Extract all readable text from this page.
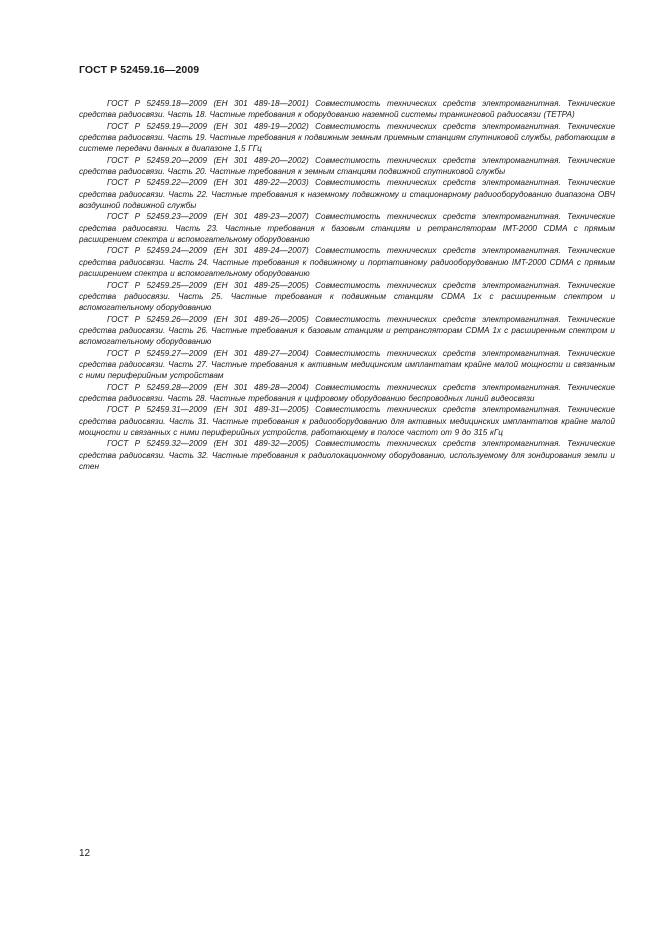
ГОСТ Р 52459.16—2009

ГОСТ Р 52459.18—2009 (ЕН 301 489-18—2001) Совместимость технических средств электромагнитная. Технические средства радиосвязи. Часть 18. Частные требования к оборудованию наземной системы транкинговой радиосвязи (ТЕТРА)

ГОСТ Р 52459.19—2009 (ЕН 301 489-19—2002) Совместимость технических средств электромагнитная. Технические средства радиосвязи. Часть 19. Частные требования к подвижным земным приемным станциям спутниковой службы, работающим в системе передачи данных в диапазоне 1,5 ГГц

ГОСТ Р 52459.20—2009 (ЕН 301 489-20—2002) Совместимость технических средств электромагнитная. Технические средства радиосвязи. Часть 20. Частные требования к земным станциям подвижной спутниковой службы

ГОСТ Р 52459.22—2009 (ЕН 301 489-22—2003) Совместимость технических средств электромагнитная. Технические средства радиосвязи. Часть 22. Частные требования к наземному подвижному и стационарному радиооборудованию диапазона ОВЧ воздушной подвижной службы

ГОСТ Р 52459.23—2009 (ЕН 301 489-23—2007) Совместимость технических средств электромагнитная. Технические средства радиосвязи. Часть 23. Частные требования к базовым станциям и ретрансляторам IMT-2000 CDMA с прямым расширением спектра и вспомогательному оборудованию

ГОСТ Р 52459.24—2009 (ЕН 301 489-24—2007) Совместимость технических средств электромагнитная. Технические средства радиосвязи. Часть 24. Частные требования к подвижному и портативному радиооборудованию IMT-2000 CDMA с прямым расширением спектра и вспомогательному оборудованию

ГОСТ Р 52459.25—2009 (ЕН 301 489-25—2005) Совместимость технических средств электромагнитная. Технические средства радиосвязи. Часть 25. Частные требования к подвижным станциям CDMA 1x с расширенным спектром и вспомогательному оборудованию

ГОСТ Р 52459.26—2009 (ЕН 301 489-26—2005) Совместимость технических средств электромагнитная. Технические средства радиосвязи. Часть 26. Частные требования к базовым станциям и ретрансляторам CDMA 1x с расширенным спектром и вспомогательному оборудованию

ГОСТ Р 52459.27—2009 (ЕН 301 489-27—2004) Совместимость технических средств электромагнитная. Технические средства радиосвязи. Часть 27. Частные требования к активным медицинским имплантатам крайне малой мощности и связанным с ними периферийным устройствам

ГОСТ Р 52459.28—2009 (ЕН 301 489-28—2004) Совместимость технических средств электромагнитная. Технические средства радиосвязи. Часть 28. Частные требования к цифровому оборудованию беспроводных линий видеосвязи

ГОСТ Р 52459.31—2009 (ЕН 301 489-31—2005) Совместимость технических средств электромагнитная. Технические средства радиосвязи. Часть 31. Частные требования к радиооборудованию для активных медицинских имплантатов крайне малой мощности и связанных с ними периферийных устройств, работающему в полосе частот от 9 до 315 кГц

ГОСТ Р 52459.32—2009 (ЕН 301 489-32—2005) Совместимость технических средств электромагнитная. Технические средства радиосвязи. Часть 32. Частные требования к радиолокационному оборудованию, используемому для зондирования земли и стен

12
